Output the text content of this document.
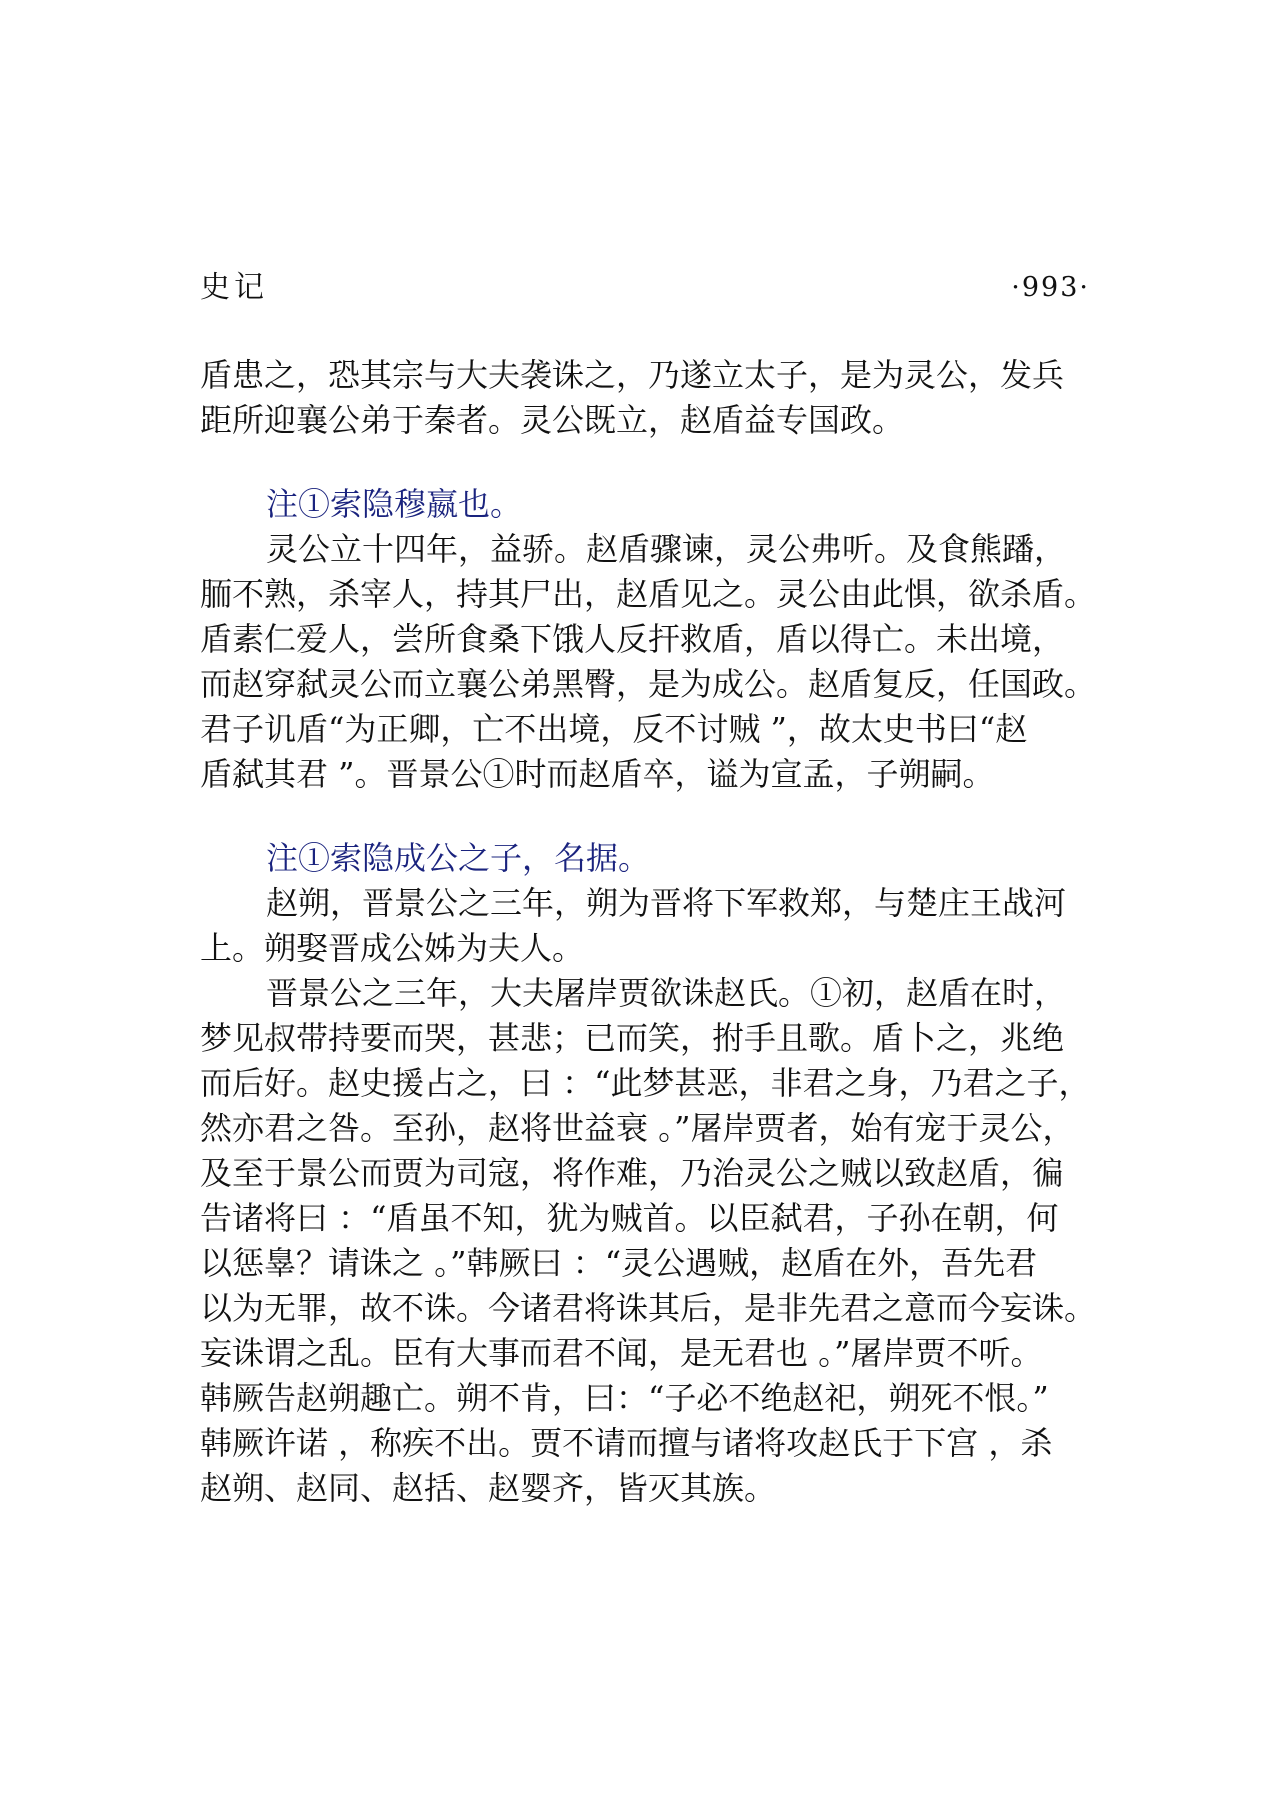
史记	·993·
盾患之，恐其宗与大夫袭诛之，乃遂立太子，是为灵公，发兵
距所迎襄公弟于秦者。灵公既立，赵盾益专国政。
注①索隐穆嬴也。
灵公立十四年，益骄。赵盾骤谏，灵公弗听。及食熊蹯，
胹不熟，杀宰人，持其尸出，赵盾见之。灵公由此惧，欲杀盾。
盾素仁爱人，尝所食桑下饿人反扞救盾，盾以得亡。未出境，
而赵穿弑灵公而立襄公弟黑臀，是为成公。赵盾复反，任国政。
君子讥盾“为正卿，亡不出境，反不讨贼 ”，故太史书曰“赵
盾弑其君 ”。晋景公①时而赵盾卒，谥为宣孟，子朔嗣。
注①索隐成公之子，名据。
赵朔，晋景公之三年，朔为晋将下军救郑，与楚庄王战河
上。朔娶晋成公姊为夫人。
晋景公之三年，大夫屠岸贾欲诛赵氏。①初，赵盾在时，
梦见叔带持要而哭，甚悲；已而笑，拊手且歌。盾卜之，兆绝
而后好。赵史援占之，曰 ：“此梦甚恶，非君之身，乃君之子，
然亦君之咎。至孙，赵将世益衰 。”屠岸贾者，始有宠于灵公，
及至于景公而贾为司寇，将作难，乃治灵公之贼以致赵盾，徧
告诸将曰 ：“盾虽不知，犹为贼首。以臣弑君，子孙在朝，何
以惩辠？请诛之 。”韩厥曰 ：“灵公遇贼，赵盾在外，吾先君
以为无罪，故不诛。今诸君将诛其后，是非先君之意而今妄诛。
妄诛谓之乱。臣有大事而君不闻，是无君也 。”屠岸贾不听。
韩厥告赵朔趣亡。朔不肯，曰：“子必不绝赵祀，朔死不恨。”
韩厥许诺 ，称疾不出。贾不请而擅与诸将攻赵氏于下宫 ，杀
赵朔、赵同、赵括、赵婴齐，皆灭其族。
